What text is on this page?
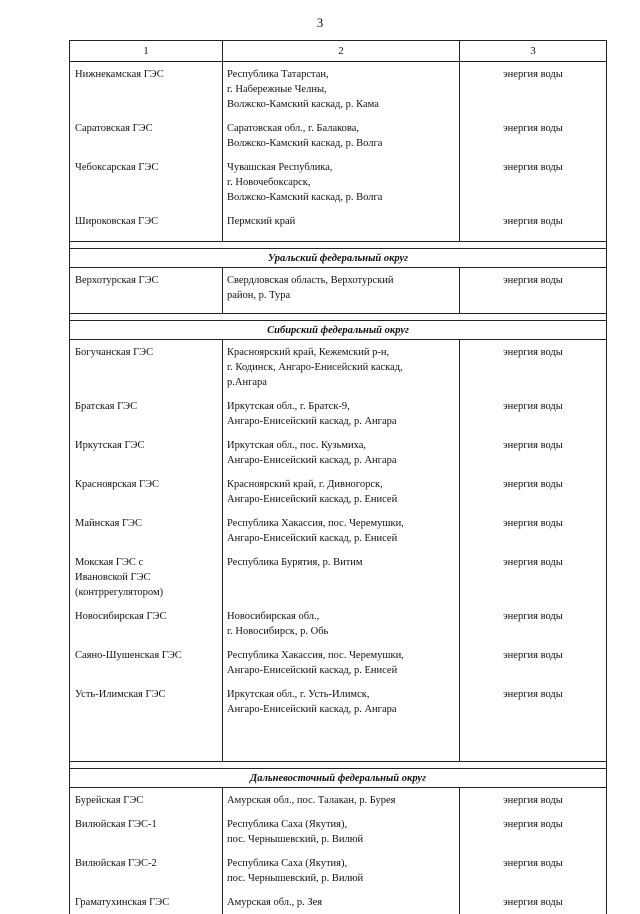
3
1	2	3

Нижнекамская ГЭС	Республика Татарстан,
г. Набережные Челны,
Волжско-Камский каскад, р. Кама	энергия воды

Саратовская ГЭС	Саратовская обл., г. Балакова,
Волжско-Камский каскад, р. Волга	энергия воды

Чебоксарская ГЭС	Чувашская Республика,
г. Новочебоксарск,
Волжско-Камский каскад, р. Волга	энергия воды

Широковская ГЭС	Пермский край	энергия воды

Уральский федеральный округ		

Верхотурская ГЭС	Свердловская область, Верхотурский
район, р. Тура	энергия воды

Сибирский федеральный округ		

Богучанская ГЭС	Красноярский край, Кежемский р-н,
г. Кодинск, Ангаро-Енисейский каскад,
р.Ангара	энергия воды

Братская ГЭС	Иркутская обл., г. Братск-9,
Ангаро-Енисейский каскад, р. Ангара	энергия воды

Иркутская ГЭС	Иркутская обл., пос. Кузьмиха,
Ангаро-Енисейский каскад, р. Ангара	энергия воды

Красноярская ГЭС	Красноярский край, г. Дивногорск,
Ангаро-Енисейский каскад, р. Енисей	энергия воды

Майнская ГЭС	Республика Хакассия, пос. Черемушки,
Ангаро-Енисейский каскад, р. Енисей	энергия воды

Мокская ГЭС с
Ивановской ГЭС
(контррегулятором)	Республика Бурятия, р. Витим	энергия воды

Новосибирская ГЭС	Новосибирская обл.,
г. Новосибирск, р. Обь	энергия воды

Саяно-Шушенская ГЭС	Республика Хакассия, пос. Черемушки,
Ангаро-Енисейский каскад, р. Енисей	энергия воды

Усть-Илимская ГЭС	Иркутская обл., г. Усть-Илимск,
Ангаро-Енисейский каскад, р. Ангара	энергия воды

Дальневосточный федеральный округ		

Бурейская ГЭС	Амурская обл., пос. Талакан, р. Бурея	энергия воды

Вилюйская ГЭС-1	Республика Саха (Якутия),
пос. Чернышевский, р. Вилюй	энергия воды

Вилюйская ГЭС-2	Республика Саха (Якутия),
пос. Чернышевский, р. Вилюй	энергия воды

Граматухинская ГЭС	Амурская обл., р. Зея	энергия воды
